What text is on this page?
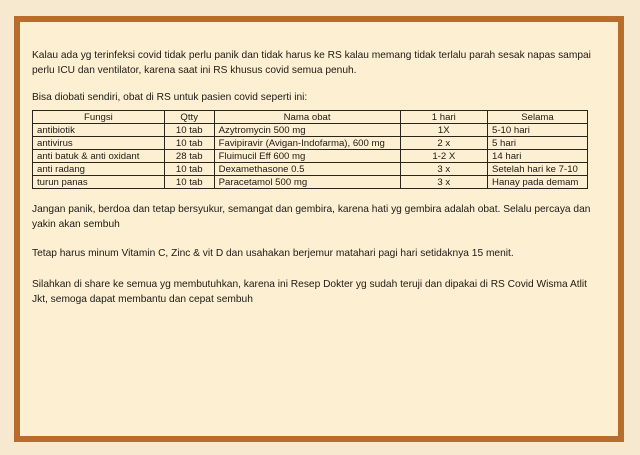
Kalau ada yg terinfeksi covid tidak perlu panik dan tidak harus ke RS kalau memang tidak terlalu parah sesak napas sampai perlu ICU dan ventilator, karena saat ini RS khusus covid semua penuh.

Bisa diobati sendiri, obat di RS untuk pasien covid seperti ini:

Fungsi	Qtty	Nama obat	1 hari	Selama
antibiotik	10 tab	Azytromycin 500 mg	1X	5-10 hari
antivirus	10 tab	Favipiravir (Avigan-Indofarma), 600 mg	2 x	5 hari
anti batuk & anti oxidant	28 tab	Fluimucil Eff 600 mg	1-2 X	14 hari
anti radang	10 tab	Dexamethasone 0.5	3 x	Setelah hari ke 7-10
turun panas	10 tab	Paracetamol 500 mg	3 x	Hanay pada demam

Jangan panik, berdoa dan tetap bersyukur, semangat dan gembira, karena hati yg gembira adalah obat. Selalu percaya dan yakin akan sembuh

Tetap harus minum Vitamin C, Zinc & vit D dan usahakan berjemur matahari pagi hari setidaknya 15 menit.

Silahkan di share ke semua yg membutuhkan, karena ini Resep Dokter yg sudah teruji dan dipakai di RS Covid Wisma Atlit Jkt, semoga dapat membantu dan cepat sembuh
